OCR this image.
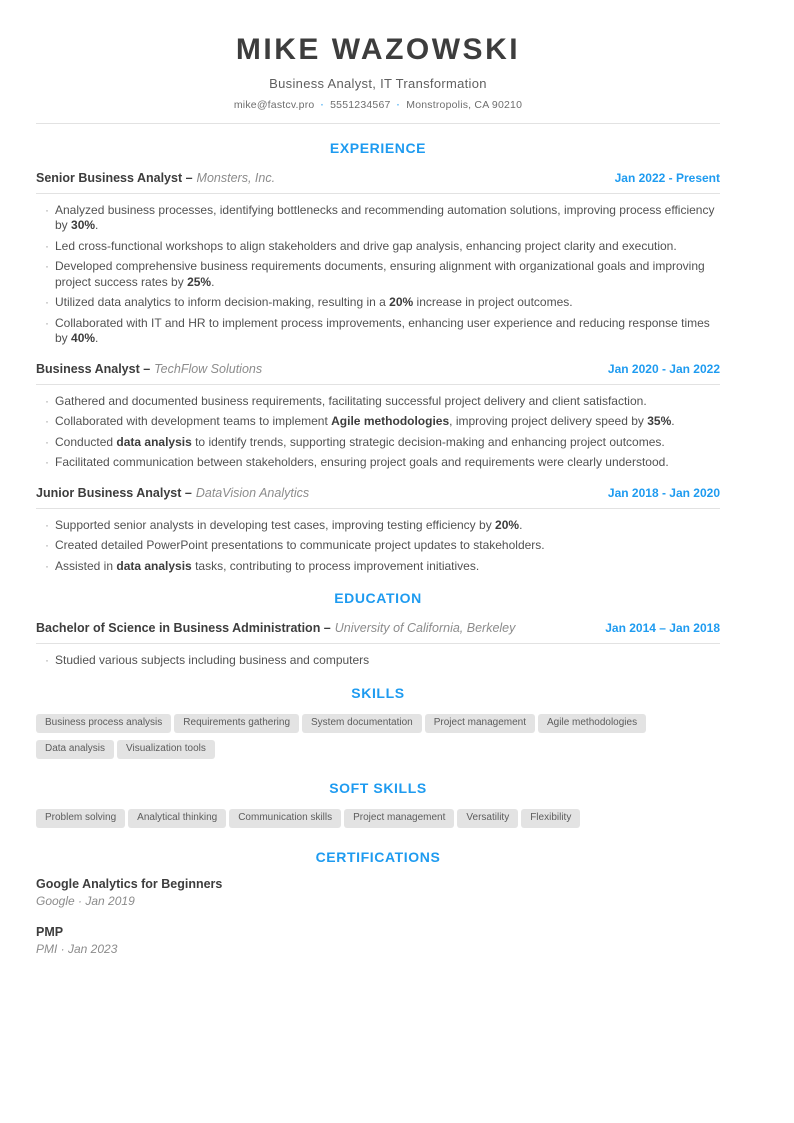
MIKE WAZOWSKI
Business Analyst, IT Transformation
mike@fastcv.pro · 5551234567 · Monstropolis, CA 90210
EXPERIENCE
Senior Business Analyst – Monsters, Inc.	Jan 2022 - Present
· Analyzed business processes, identifying bottlenecks and recommending automation solutions, improving process efficiency by 30%.
· Led cross-functional workshops to align stakeholders and drive gap analysis, enhancing project clarity and execution.
· Developed comprehensive business requirements documents, ensuring alignment with organizational goals and improving project success rates by 25%.
· Utilized data analytics to inform decision-making, resulting in a 20% increase in project outcomes.
· Collaborated with IT and HR to implement process improvements, enhancing user experience and reducing response times by 40%.
Business Analyst – TechFlow Solutions	Jan 2020 - Jan 2022
· Gathered and documented business requirements, facilitating successful project delivery and client satisfaction.
· Collaborated with development teams to implement Agile methodologies, improving project delivery speed by 35%.
· Conducted data analysis to identify trends, supporting strategic decision-making and enhancing project outcomes.
· Facilitated communication between stakeholders, ensuring project goals and requirements were clearly understood.
Junior Business Analyst – DataVision Analytics	Jan 2018 - Jan 2020
· Supported senior analysts in developing test cases, improving testing efficiency by 20%.
· Created detailed PowerPoint presentations to communicate project updates to stakeholders.
· Assisted in data analysis tasks, contributing to process improvement initiatives.
EDUCATION
Bachelor of Science in Business Administration – University of California, Berkeley	Jan 2014 – Jan 2018
· Studied various subjects including business and computers
SKILLS
Business process analysis Requirements gathering System documentation Project management Agile methodologiesData analysis Visualization tools
SOFT SKILLS
Problem solving Analytical thinking Communication skills Project management Versatility Flexibility
CERTIFICATIONS
Google Analytics for Beginners
Google · Jan 2019
PMP
PMI · Jan 2023
